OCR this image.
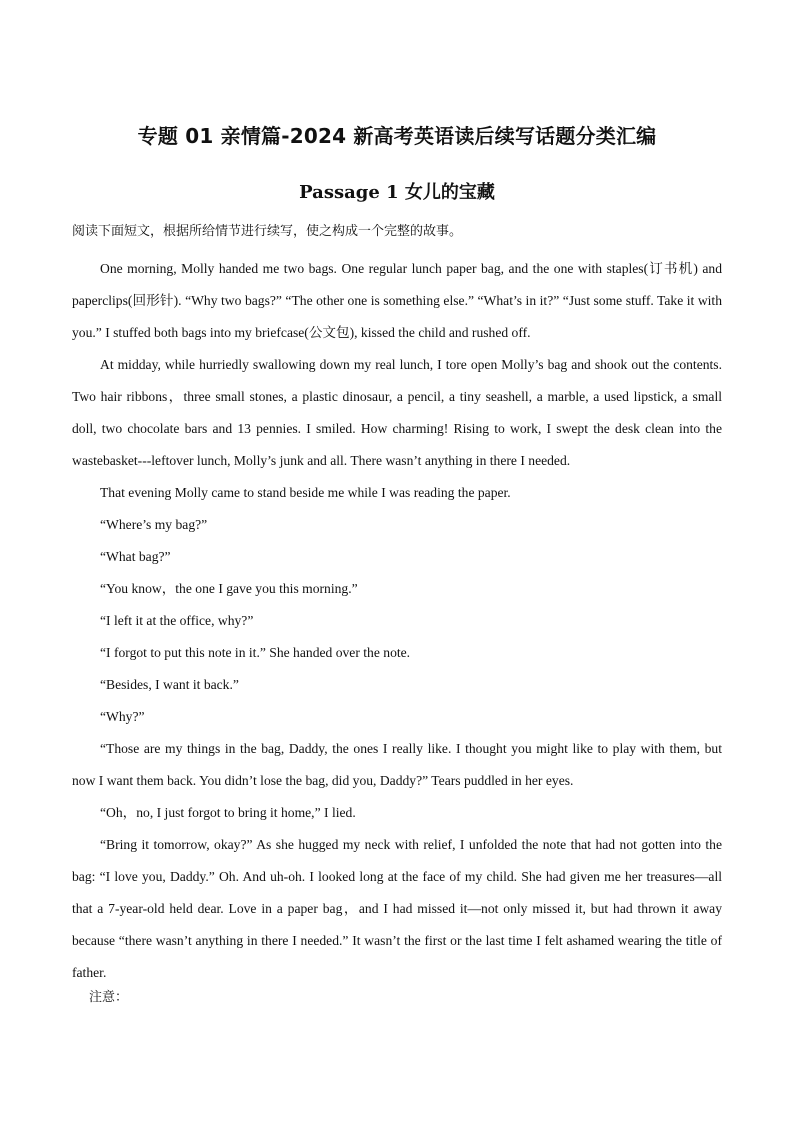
专题 01 亲情篇-2024 新高考英语读后续写话题分类汇编
Passage 1 女儿的宝藏

阅读下面短文，根据所给情节进行续写，使之构成一个完整的故事。

One morning, Molly handed me two bags. One regular lunch paper bag, and the one with staples(订书机) and paperclips(回形针). “Why two bags?” “The other one is something else.” “What’s in it?” “Just some stuff. Take it with you.” I stuffed both bags into my briefcase(公文包), kissed the child and rushed off.

At midday, while hurriedly swallowing down my real lunch, I tore open Molly’s bag and shook out the contents. Two hair ribbons，three small stones, a plastic dinosaur, a pencil, a tiny seashell, a marble, a used lipstick, a small doll, two chocolate bars and 13 pennies. I smiled. How charming! Rising to work, I swept the desk clean into the wastebasket---leftover lunch, Molly’s junk and all. There wasn’t anything in there I needed.

That evening Molly came to stand beside me while I was reading the paper.

“Where’s my bag?”

“What bag?”

“You know，the one I gave you this morning.”

“I left it at the office, why?”

“I forgot to put this note in it.” She handed over the note.

“Besides, I want it back.”

“Why?”

“Those are my things in the bag, Daddy, the ones I really like. I thought you might like to play with them, but now I want them back. You didn’t lose the bag, did you, Daddy?” Tears puddled in her eyes.

“Oh，no, I just forgot to bring it home,” I lied.

“Bring it tomorrow, okay?” As she hugged my neck with relief, I unfolded the note that had not gotten into the bag: “I love you, Daddy.” Oh. And uh-oh. I looked long at the face of my child. She had given me her treasures—all that a 7-year-old held dear. Love in a paper bag，and I had missed it—not only missed it, but had thrown it away because “there wasn’t anything in there I needed.” It wasn’t the first or the last time I felt ashamed wearing the title of father.

注意：
